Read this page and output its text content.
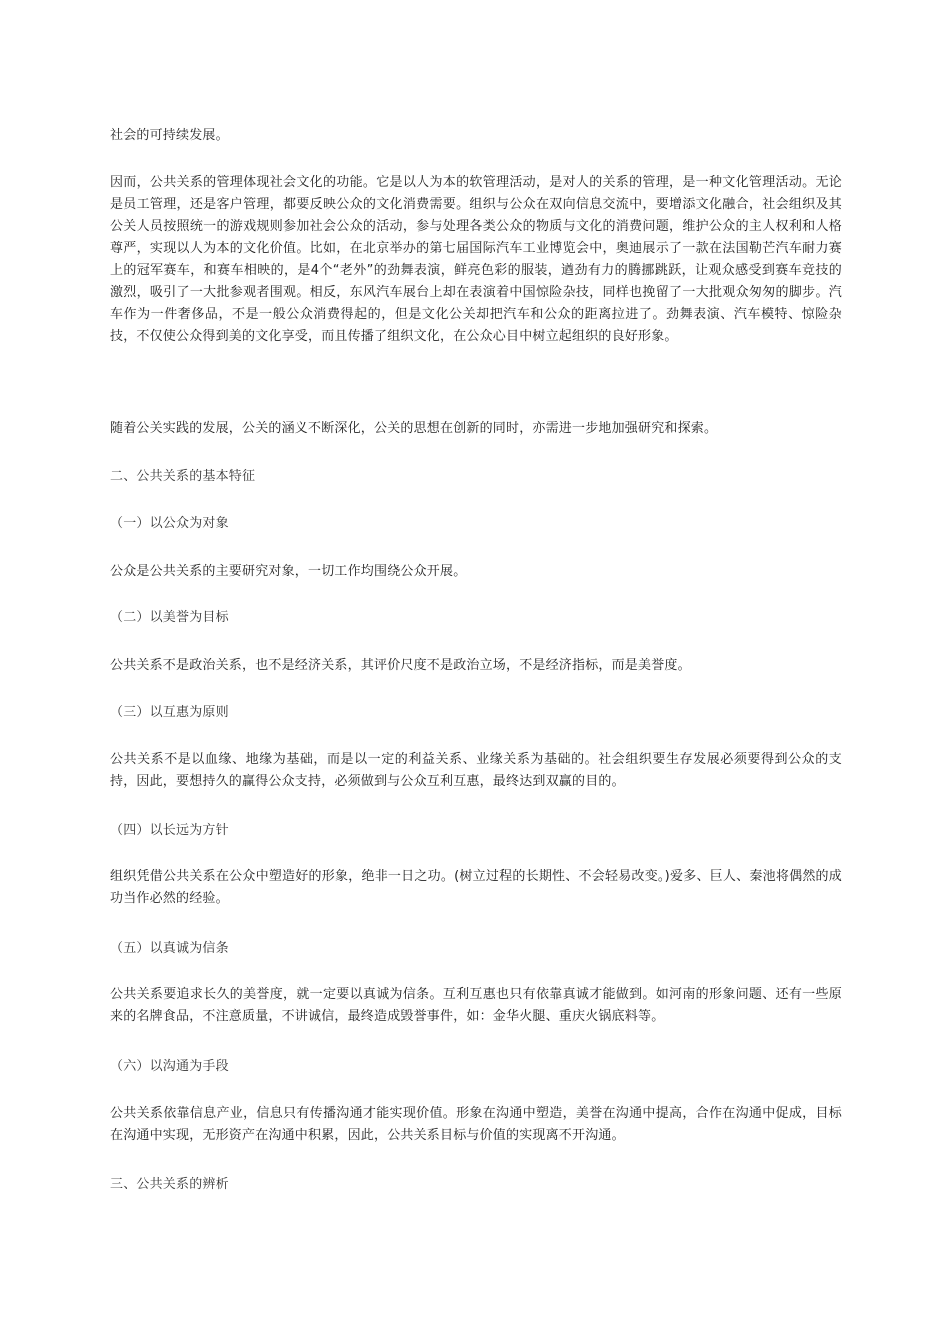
社会的可持续发展。

因而，公共关系的管理体现社会文化的功能。它是以人为本的软管理活动，是对人的关系的管理，是一种文化管理活动。无论是员工管理，还是客户管理，都要反映公众的文化消费需要。组织与公众在双向信息交流中，要增添文化融合，社会组织及其公关人员按照统一的游戏规则参加社会公众的活动，参与处理各类公众的物质与文化的消费问题，维护公众的主人权利和人格尊严，实现以人为本的文化价值。比如，在北京举办的第七届国际汽车工业博览会中，奥迪展示了一款在法国勒芒汽车耐力赛上的冠军赛车，和赛车相映的，是4个“老外”的劲舞表演，鲜亮色彩的服装，遒劲有力的腾挪跳跃，让观众感受到赛车竞技的激烈，吸引了一大批参观者围观。相反，东风汽车展台上却在表演着中国惊险杂技，同样也挽留了一大批观众匆匆的脚步。汽车作为一件奢侈品，不是一般公众消费得起的，但是文化公关却把汽车和公众的距离拉进了。劲舞表演、汽车模特、惊险杂技，不仅使公众得到美的文化享受，而且传播了组织文化，在公众心目中树立起组织的良好形象。

随着公关实践的发展，公关的涵义不断深化，公关的思想在创新的同时，亦需进一步地加强研究和探索。

二、公共关系的基本特征

（一）以公众为对象

公众是公共关系的主要研究对象，一切工作均围绕公众开展。

（二）以美誉为目标

公共关系不是政治关系，也不是经济关系，其评价尺度不是政治立场，不是经济指标，而是美誉度。

（三）以互惠为原则

公共关系不是以血缘、地缘为基础，而是以一定的利益关系、业缘关系为基础的。社会组织要生存发展必须要得到公众的支持，因此，要想持久的赢得公众支持，必须做到与公众互利互惠，最终达到双赢的目的。

（四）以长远为方针

组织凭借公共关系在公众中塑造好的形象，绝非一日之功。(树立过程的长期性、不会轻易改变。)爱多、巨人、秦池将偶然的成功当作必然的经验。

（五）以真诚为信条

公共关系要追求长久的美誉度，就一定要以真诚为信条。互利互惠也只有依靠真诚才能做到。如河南的形象问题、还有一些原来的名牌食品，不注意质量，不讲诚信，最终造成毁誉事件，如：金华火腿、重庆火锅底料等。

（六）以沟通为手段

公共关系依靠信息产业，信息只有传播沟通才能实现价值。形象在沟通中塑造，美誉在沟通中提高，合作在沟通中促成，目标在沟通中实现，无形资产在沟通中积累，因此，公共关系目标与价值的实现离不开沟通。

三、公共关系的辨析
